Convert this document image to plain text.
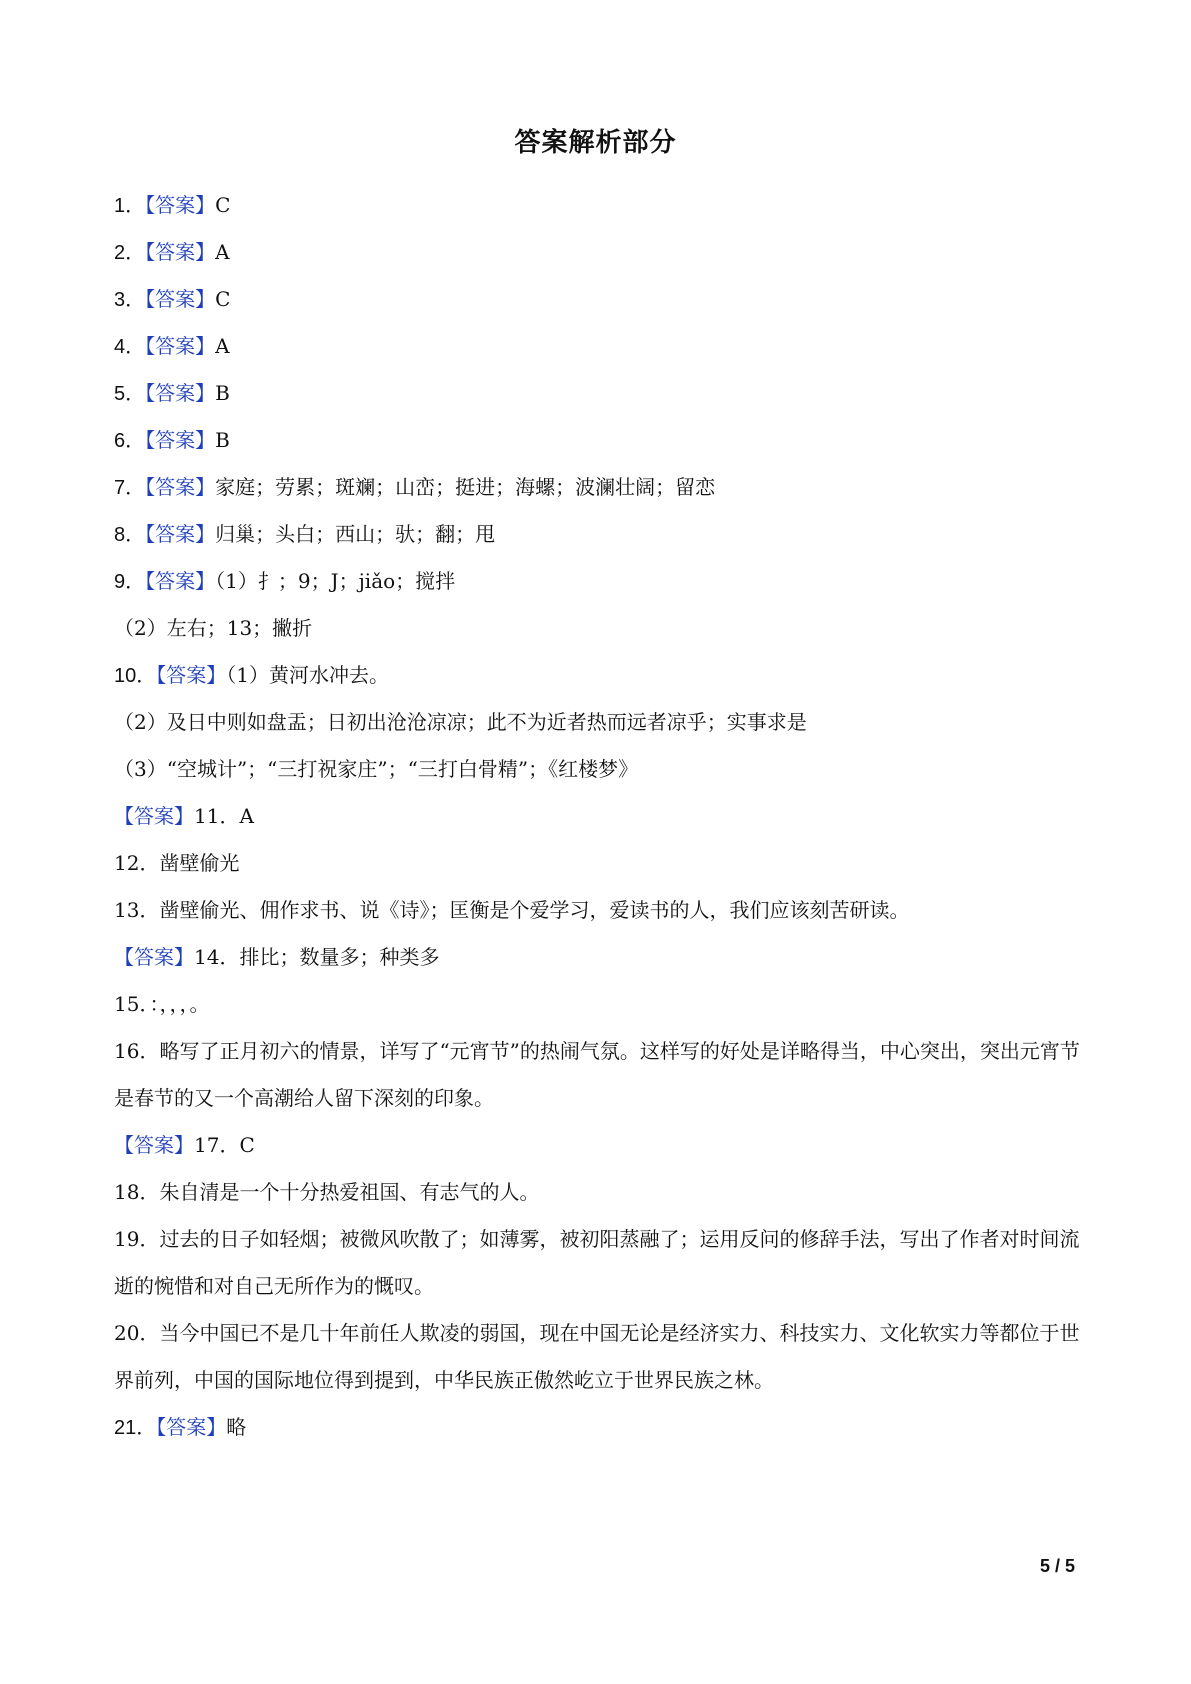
答案解析部分
1．【答案】C
2．【答案】A
3．【答案】C
4．【答案】A
5．【答案】B
6．【答案】B
7．【答案】家庭；劳累；斑斓；山峦；挺进；海螺；波澜壮阔；留恋
8．【答案】归巢；头白；西山；驮；翻；甩
9．【答案】（1）扌；9；J；jiǎo；搅拌
（2）左右；13；撇折
10．【答案】（1）黄河水冲去。
（2）及日中则如盘盂；日初出沧沧凉凉；此不为近者热而远者凉乎；实事求是
（3）“空城计”；“三打祝家庄”；“三打白骨精”；《红楼梦》
【答案】11．A
12．凿壁偷光
13．凿壁偷光、佣作求书、说《诗》；匡衡是个爱学习，爱读书的人，我们应该刻苦研读。
【答案】14．排比；数量多；种类多
15．：，，，。
16．略写了正月初六的情景，详写了“元宵节”的热闹气氛。这样写的好处是详略得当，中心突出，突出元宵节是春节的又一个高潮给人留下深刻的印象。
【答案】17．C
18．朱自清是一个十分热爱祖国、有志气的人。
19．过去的日子如轻烟；被微风吹散了；如薄雾，被初阳蒸融了；运用反问的修辞手法，写出了作者对时间流逝的惋惜和对自己无所作为的慨叹。
20．当今中国已不是几十年前任人欺凌的弱国，现在中国无论是经济实力、科技实力、文化软实力等都位于世界前列，中国的国际地位得到提到，中华民族正傲然屹立于世界民族之林。
21．【答案】略
5 / 5
